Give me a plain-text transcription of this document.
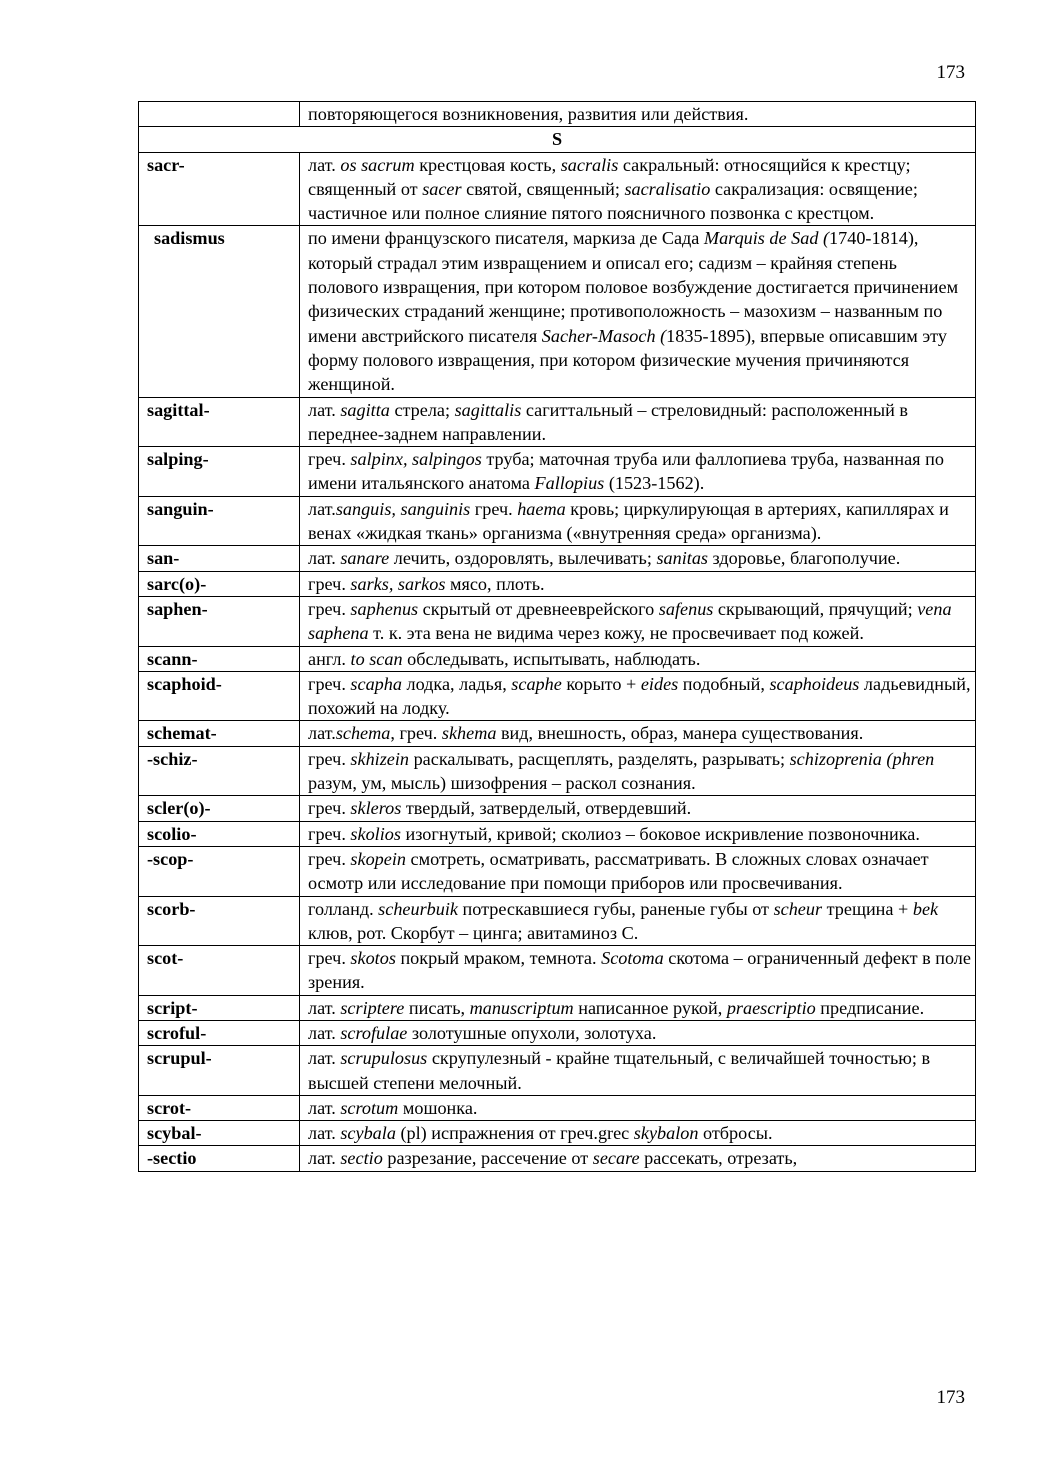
173
	повторяющегося возникновения, развития или действия.
S	
sacr-	лат. os sacrum крестцовая кость, sacralis сакральный: относящийся к крестцу; священный от sacer святой, священный; sacralisatio сакрализация: освящение; частичное или полное слияние пятого поясничного позвонка с крестцом.
sadismus	по имени французского писателя, маркиза де Сада Marquis de Sad (1740-1814), который страдал этим извращением и описал его; садизм – крайняя степень полового извращения, при котором половое возбуждение достигается причинением физических страданий женщине; противоположность – мазохизм – названным по имени австрийского писателя Sacher-Masoch (1835-1895), впервые описавшим эту форму полового извращения, при котором физические мучения причиняются женщиной.
sagittal-	лат. sagitta стрела; sagittalis сагиттальный – стреловидный: расположенный в переднее-заднем направлении.
salping-	греч. salpinx, salpingos труба; маточная труба или фаллопиева труба, названная по имени итальянского анатома Fallopius (1523-1562).
sanguin-	лат.sanguis, sanguinis греч. haema кровь; циркулирующая в артериях, капиллярах и венах «жидкая ткань» организма («внутренняя среда» организма).
san-	лат. sanare лечить, оздоровлять, вылечивать; sanitas здоровье, благополучие.
sarc(o)-	греч. sarks, sarkos мясо, плоть.
saphen-	греч. saphenus скрытый от древнееврейского safenus скрывающий, прячущий; vena saphena т. к. эта вена не видима через кожу, не просвечивает под кожей.
scann-	англ. to scan обследывать, испытывать, наблюдать.
scaphoid-	греч. scapha лодка, ладья, scaphe корыто + eides подобный, scaphoideus ладьевидный, похожий на лодку.
schemat-	лат.schema, греч. skhema вид, внешность, образ, манера существования.
-schiz-	греч. skhizein раскалывать, расщеплять, разделять, разрывать; schizoprenia (phren разум, ум, мысль) шизофрения – раскол сознания.
scler(o)-	греч. skleros твердый, затверделый, отвердевший.
scolio-	греч. skolios изогнутый, кривой; сколиоз – боковое искривление позвоночника.
-scop-	греч. skopein смотреть, осматривать, рассматривать. В сложных словах означает осмотр или исследование при помощи приборов или просвечивания.
scorb-	голланд. scheurbuik потрескавшиеся губы, раненые губы от scheur трещина + bek клюв, рот. Скорбут – цинга; авитаминоз С.
scot-	греч. skotos покрый мраком, темнота. Scotoma скотома – ограниченный дефект в поле зрения.
script-	лат. scriptere писать, manuscriptum написанное рукой, praescriptio предписание.
scroful-	лат. scrofulae золотушные опухоли, золотуха.
scrupul-	лат. scrupulosus скрупулезный - крайне тщательный, с величайшей точностью; в высшей степени мелочный.
scrot-	лат. scrotum мошонка.
scybal-	лат. scybala (pl) испражнения от греч.grec skybalon отбросы.
-sectio	лат. sectio разрезание, рассечение от secare рассекать, отрезать,
173
